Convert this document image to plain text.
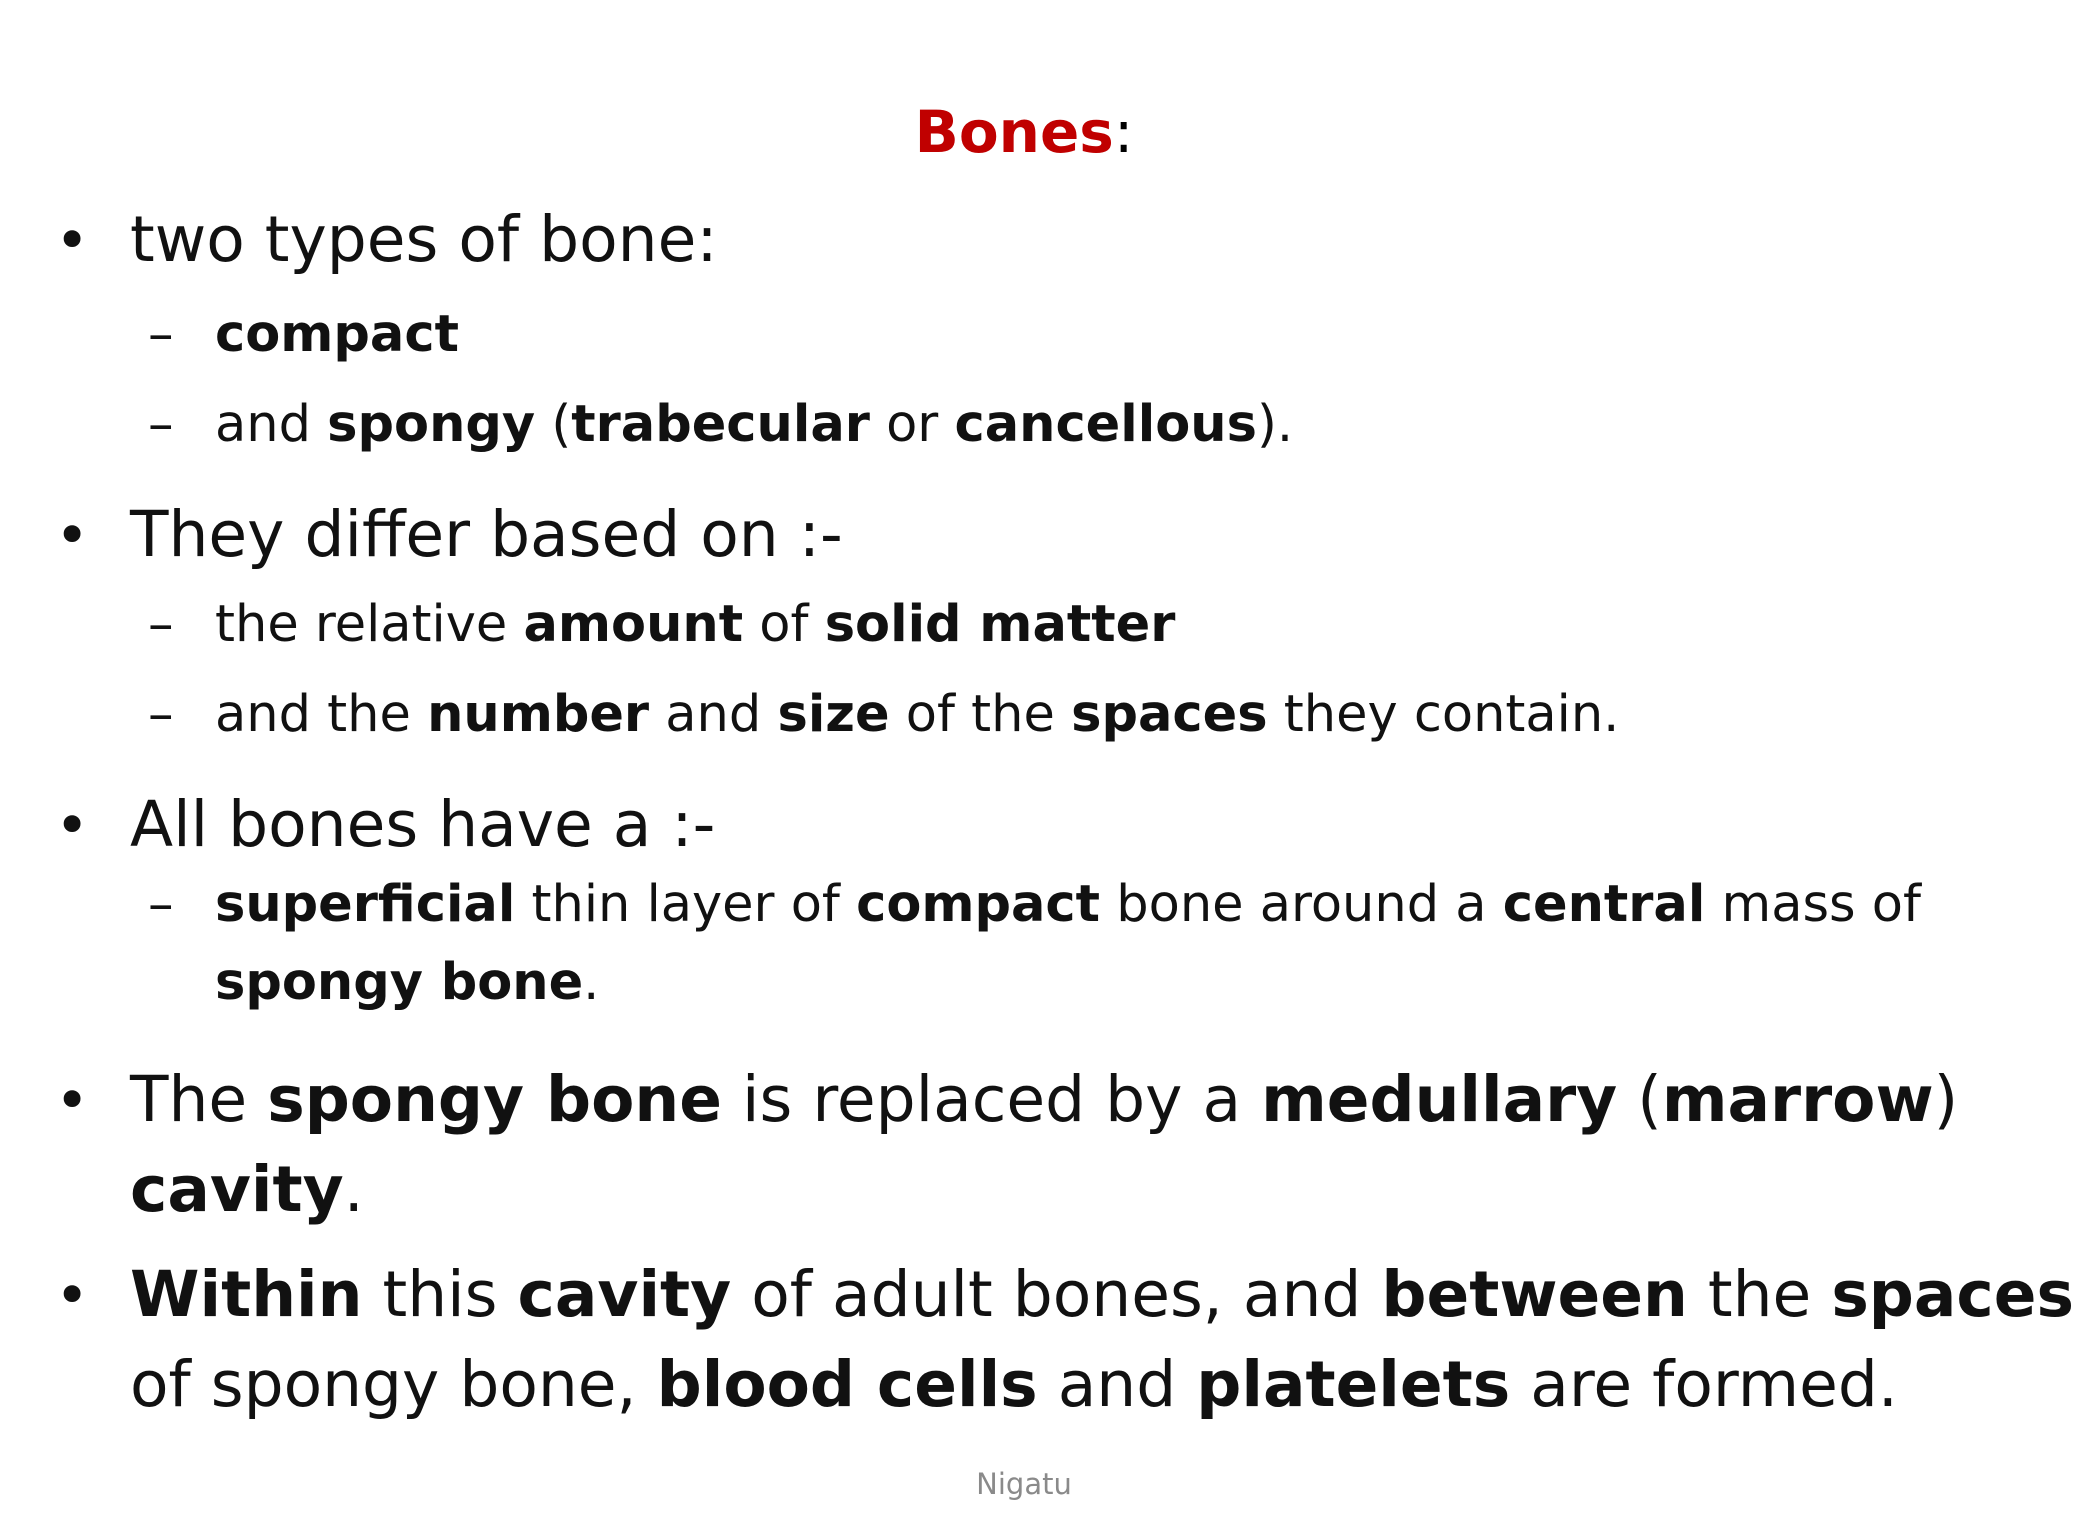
Bones:
• two types of bone:
– compact
– and spongy (trabecular or cancellous).
• They differ based on :-
– the relative amount of solid matter
– and the number and size of the spaces they contain.
• All bones have a :-
– superficial thin layer of compact bone around a central mass of
spongy bone.
• The spongy bone is replaced by a medullary (marrow)
cavity.
• Within this cavity of adult bones, and between the spaces
of spongy bone, blood cells and platelets are formed.
Nigatu
